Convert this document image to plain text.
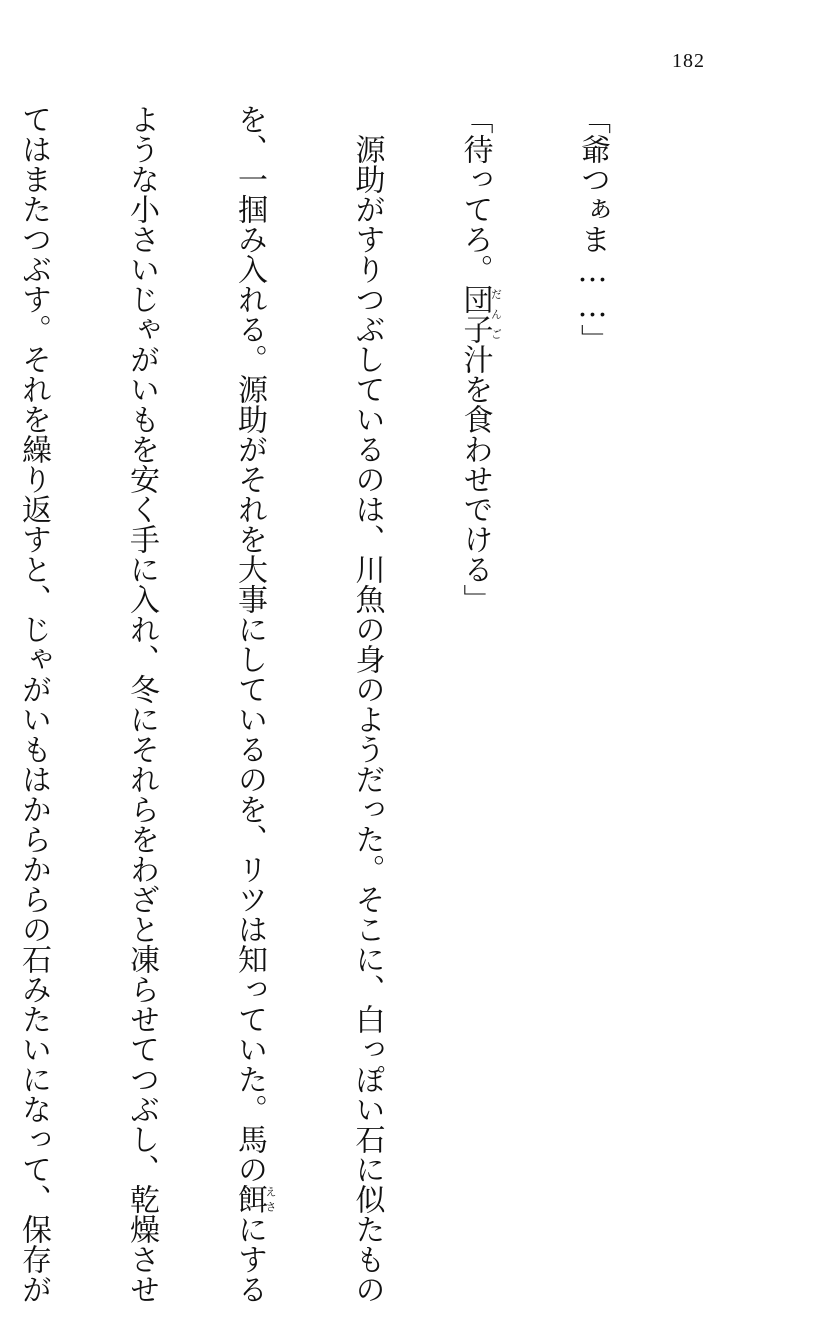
182

「爺つぁま……」

「待ってろ。団子だんご汁を食わせでける」

　源助がすりつぶしているのは、川魚の身のようだった。そこに、白っぽい石に似たもの

を、一掴み入れる。源助がそれを大事にしているのを、リツは知っていた。馬の餌えさにする

ような小さいじゃがいもを安く手に入れ、冬にそれらをわざと凍らせてつぶし、乾燥させ

てはまたつぶす。それを繰り返すと、じゃがいもはからからの石みたいになって、保存が
